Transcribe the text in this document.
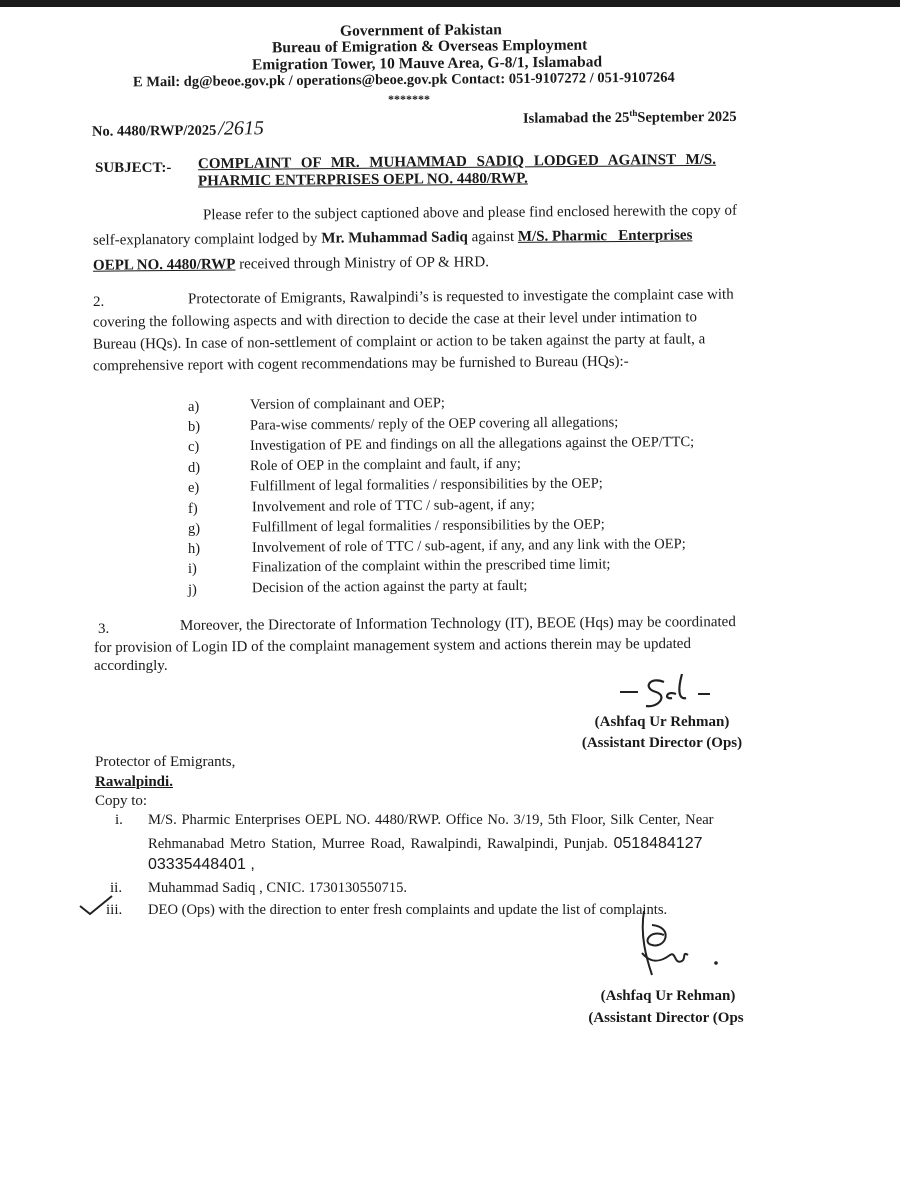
Government of Pakistan
Bureau of Emigration & Overseas Employment
Emigration Tower, 10 Mauve Area, G-8/1, Islamabad
E Mail: dg@beoe.gov.pk / operations@beoe.gov.pk Contact: 051-9107272 / 051-9107264
*******
No. 4480/RWP/2025/2615	Islamabad the 25thSeptember 2025
SUBJECT:- COMPLAINT OF MR. MUHAMMAD SADIQ LODGED AGAINST M/S.
PHARMIC ENTERPRISES OEPL NO. 4480/RWP.
Please refer to the subject captioned above and please find enclosed herewith the copy of
self-explanatory complaint lodged by Mr. Muhammad Sadiq against M/S. Pharmic   Enterprises
OEPL NO. 4480/RWP received through Ministry of OP & HRD.
2.	Protectorate of Emigrants, Rawalpindi’s is requested to investigate the complaint case with
covering the following aspects and with direction to decide the case at their level under intimation to
Bureau (HQs). In case of non-settlement of complaint or action to be taken against the party at fault, a
comprehensive report with cogent recommendations may be furnished to Bureau (HQs):-
a)	Version of complainant and OEP;
b)	Para-wise comments/ reply of the OEP covering all allegations;
c)	Investigation of PE and findings on all the allegations against the OEP/TTC;
d)	Role of OEP in the complaint and fault, if any;
e)	Fulfillment of legal formalities / responsibilities by the OEP;
f)	Involvement and role of TTC / sub-agent, if any;
g)	Fulfillment of legal formalities / responsibilities by the OEP;
h)	Involvement of role of TTC / sub-agent, if any, and any link with the OEP;
i)	Finalization of the complaint within the prescribed time limit;
j)	Decision of the action against the party at fault;
3.	Moreover, the Directorate of Information Technology (IT), BEOE (Hqs) may be coordinated
for provision of Login ID of the complaint management system and actions therein may be updated
accordingly.
(Ashfaq Ur Rehman)
(Assistant Director (Ops)
Protector of Emigrants,
Rawalpindi.
Copy to:
i. M/S. Pharmic Enterprises OEPL NO. 4480/RWP. Office No. 3/19, 5th Floor, Silk Center, Near
Rehmanabad Metro Station, Murree Road, Rawalpindi, Rawalpindi, Punjab. 0518484127
03335448401 ,
ii. Muhammad Sadiq , CNIC. 1730130550715.
iii. DEO (Ops) with the direction to enter fresh complaints and update the list of complaints.
(Ashfaq Ur Rehman)
(Assistant Director (Ops
